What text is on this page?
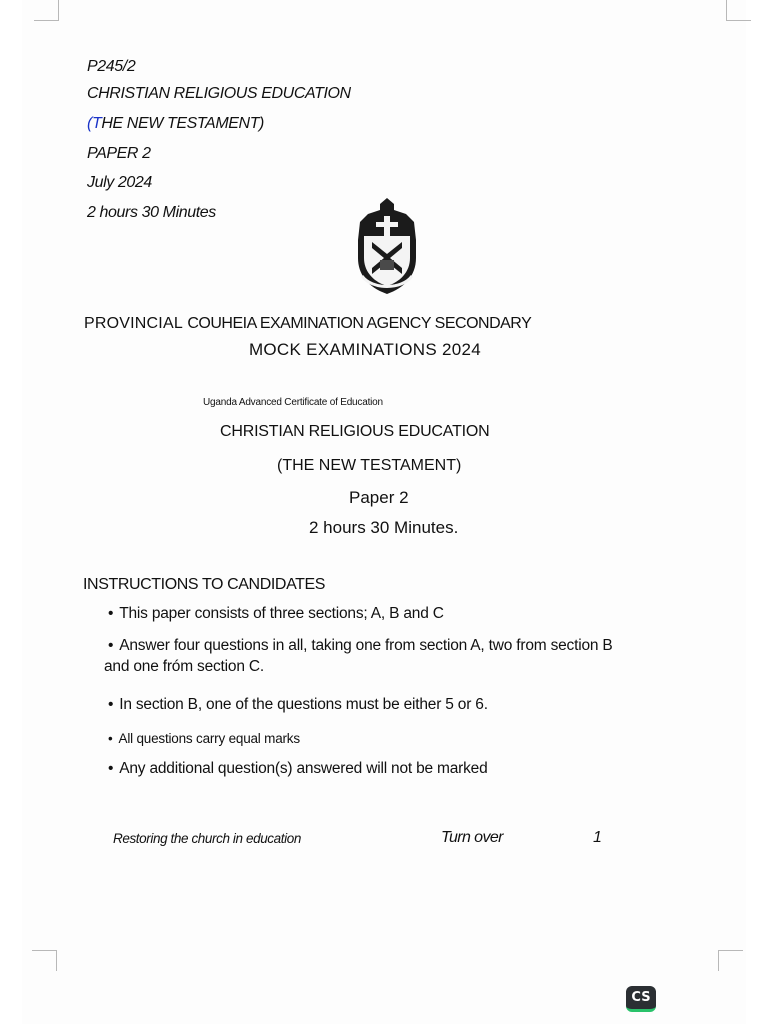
P245/2
CHRISTIAN RELIGIOUS EDUCATION
(THE NEW TESTAMENT)
PAPER 2
July 2024
2 hours 30 Minutes
PROVINCIAL COUHEIA EXAMINATION AGENCY SECONDARY
MOCK EXAMINATIONS 2024
Uganda Advanced Certificate of Education
CHRISTIAN RELIGIOUS EDUCATION
(THE NEW TESTAMENT)
Paper 2
2 hours 30 Minutes.
INSTRUCTIONS TO CANDIDATES
• This paper consists of three sections; A, B and C
• Answer four questions in all, taking one from section A, two from section B
and one fróm section C.
• In section B, one of the questions must be either 5 or 6.
• All questions carry equal marks
• Any additional question(s) answered will not be marked
Restoring the church in education	Turn over	1
CS
